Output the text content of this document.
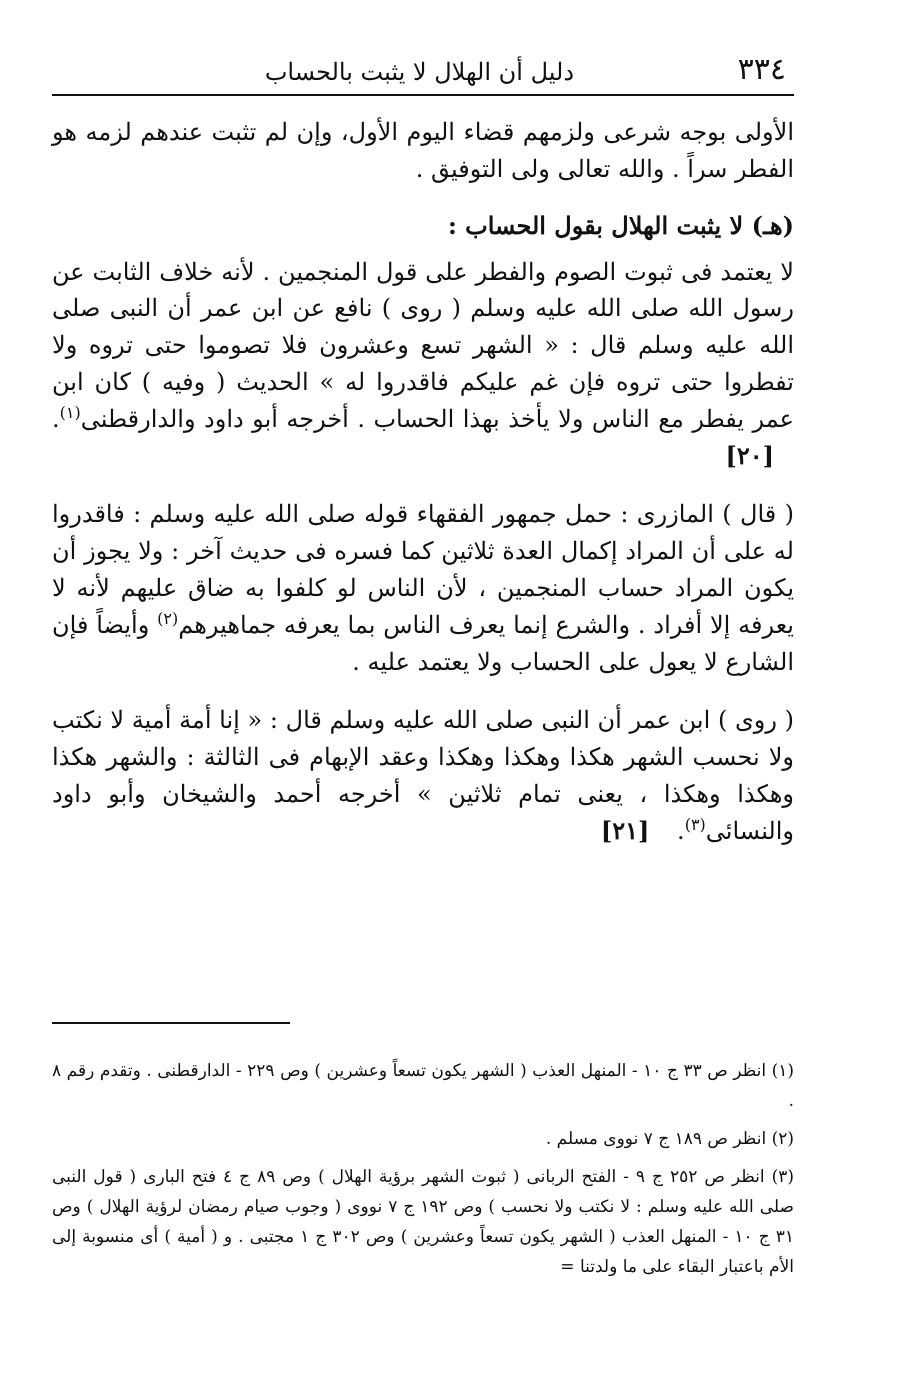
٣٣٤
دليل أن الهلال لا يثبت بالحساب

الأولى بوجه شرعى ولزمهم قضاء اليوم الأول، وإن لم تثبت عندهم لزمه هو الفطر سراً . والله تعالى ولى التوفيق .

(هـ) لا يثبت الهلال بقول الحساب :

لا يعتمد فى ثبوت الصوم والفطر على قول المنجمين . لأنه خلاف الثابت عن رسول الله صلى الله عليه وسلم ( روى ) نافع عن ابن عمر أن النبى صلى الله عليه وسلم قال : « الشهر تسع وعشرون فلا تصوموا حتى تروه ولا تفطروا حتى تروه فإن غم عليكم فاقدروا له » الحديث ( وفيه ) كان ابن عمر يفطر مع الناس ولا يأخذ بهذا الحساب . أخرجه أبو داود والدارقطنى$^{(١)}$. [٢٠]

( قال ) المازرى : حمل جمهور الفقهاء قوله صلى الله عليه وسلم : فاقدروا له على أن المراد إكمال العدة ثلاثين كما فسره فى حديث آخر : ولا يجوز أن يكون المراد حساب المنجمين ، لأن الناس لو كلفوا به ضاق عليهم لأنه لا يعرفه إلا أفراد . والشرع إنما يعرف الناس بما يعرفه جماهيرهم$^{(٢)}$ وأيضاً فإن الشارع لا يعول على الحساب ولا يعتمد عليه .

( روى ) ابن عمر أن النبى صلى الله عليه وسلم قال : « إنا أمة أمية لا نكتب ولا نحسب الشهر هكذا وهكذا وهكذا وعقد الإبهام فى الثالثة : والشهر هكذا وهكذا وهكذا ، يعنى تمام ثلاثين » أخرجه أحمد والشيخان وأبو داود والنسائى$^{(٣)}$. [٢١]

(١) انظر ص ٣٣ ج ١٠ - المنهل العذب ( الشهر يكون تسعاً وعشرين ) وص ٢٢٩ - الدارقطنى . وتقدم رقم ٨ .

(٢) انظر ص ١٨٩ ج ٧ نووى مسلم .

(٣) انظر ص ٢٥٢ ج ٩ - الفتح الربانى ( ثبوت الشهر برؤية الهلال ) وص ٨٩ ج ٤ فتح البارى ( قول النبى صلى الله عليه وسلم : لا نكتب ولا نحسب ) وص ١٩٢ ج ٧ نووى ( وجوب صيام رمضان لرؤية الهلال ) وص ٣١ ج ١٠ - المنهل العذب ( الشهر يكون تسعاً وعشرين ) وص ٣٠٢ ج ١ مجتبى . و ( أمية ) أى منسوبة إلى الأم باعتبار البقاء على ما ولدتنا =
